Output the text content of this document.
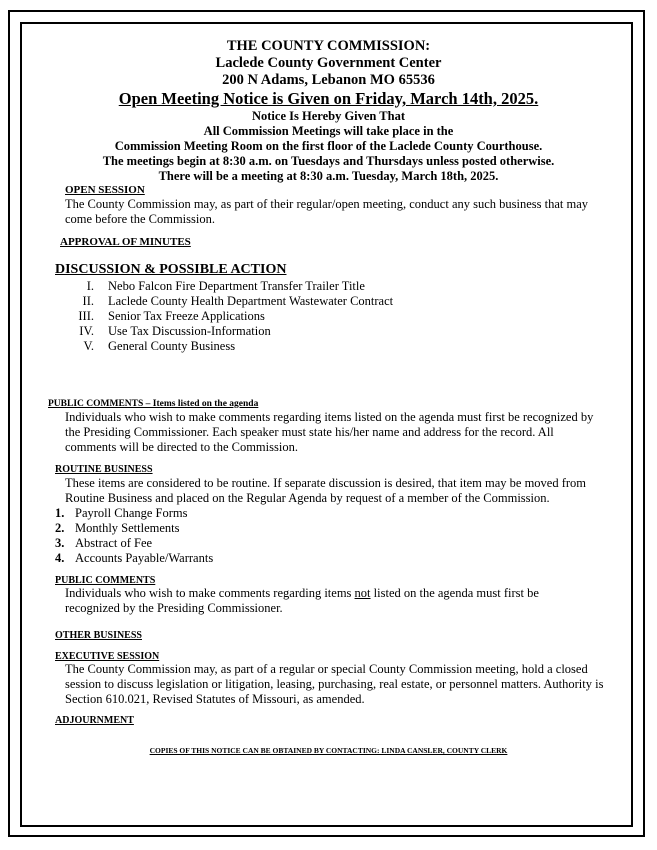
THE COUNTY COMMISSION:
Laclede County Government Center
200 N Adams, Lebanon MO 65536
Open Meeting Notice is Given on Friday, March 14th, 2025.
Notice Is Hereby Given That
All Commission Meetings will take place in the
Commission Meeting Room on the first floor of the Laclede County Courthouse.
The meetings begin at 8:30 a.m. on Tuesdays and Thursdays unless posted otherwise.
There will be a meeting at 8:30 a.m. Tuesday, March 18th, 2025.
OPEN SESSION
The County Commission may, as part of their regular/open meeting, conduct any such business that may come before the Commission.
APPROVAL OF MINUTES
DISCUSSION & POSSIBLE ACTION
I. Nebo Falcon Fire Department Transfer Trailer Title
II. Laclede County Health Department Wastewater Contract
III. Senior Tax Freeze Applications
IV. Use Tax Discussion-Information
V. General County Business
PUBLIC COMMENTS – Items listed on the agenda
Individuals who wish to make comments regarding items listed on the agenda must first be recognized by the Presiding Commissioner. Each speaker must state his/her name and address for the record. All comments will be directed to the Commission.
ROUTINE BUSINESS
These items are considered to be routine. If separate discussion is desired, that item may be moved from Routine Business and placed on the Regular Agenda by request of a member of the Commission.
1. Payroll Change Forms
2. Monthly Settlements
3. Abstract of Fee
4. Accounts Payable/Warrants
PUBLIC COMMENTS
Individuals who wish to make comments regarding items not listed on the agenda must first be recognized by the Presiding Commissioner.
OTHER BUSINESS
EXECUTIVE SESSION
The County Commission may, as part of a regular or special County Commission meeting, hold a closed session to discuss legislation or litigation, leasing, purchasing, real estate, or personnel matters. Authority is Section 610.021, Revised Statutes of Missouri, as amended.
ADJOURNMENT
COPIES OF THIS NOTICE CAN BE OBTAINED BY CONTACTING: LINDA CANSLER, COUNTY CLERK
